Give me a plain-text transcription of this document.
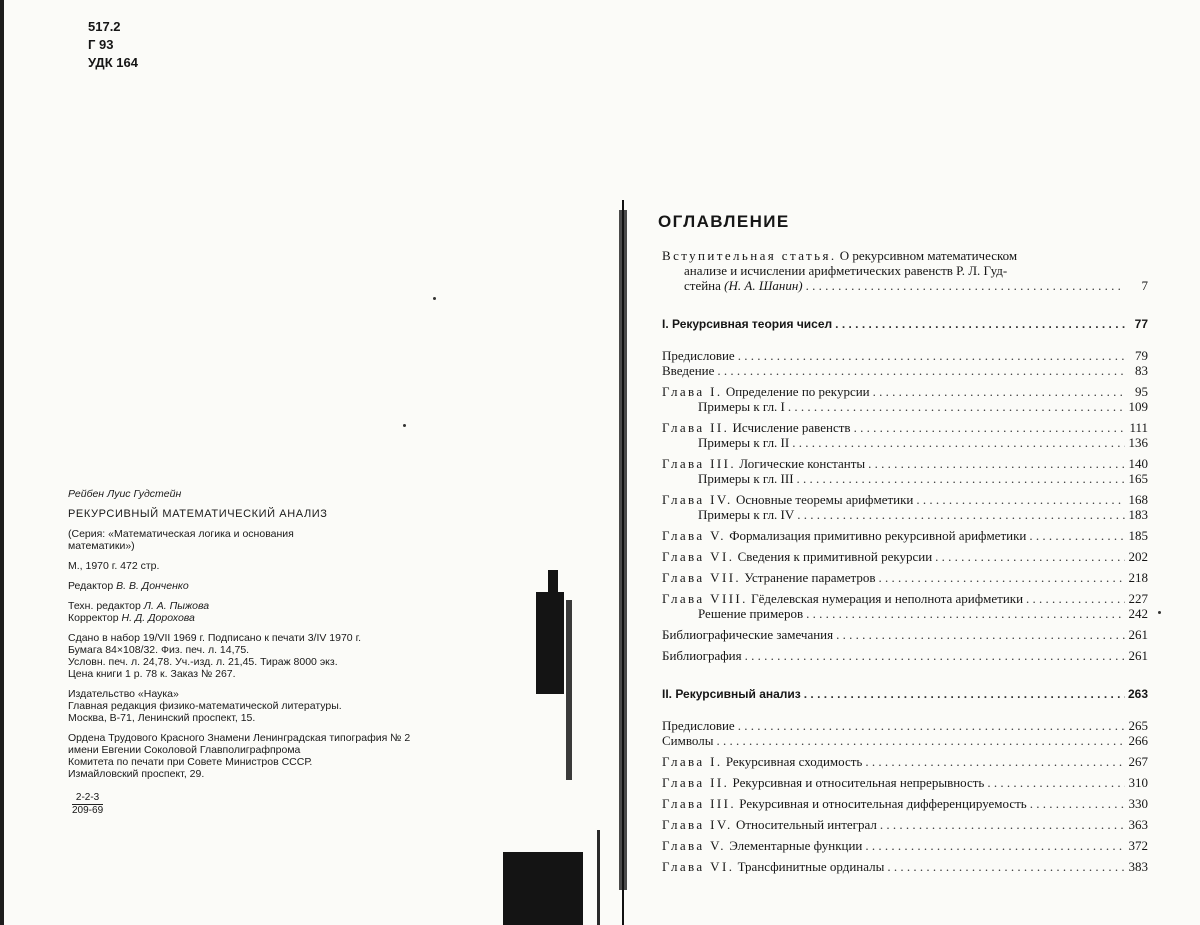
517.2
Г 93
УДК 164
Рейбен Луис Гудстейн
РЕКУРСИВНЫЙ МАТЕМАТИЧЕСКИЙ АНАЛИЗ
(Серия: «Математическая логика и основания
математики»)
М., 1970 г. 472 стр.
Редактор В. В. Донченко
Техн. редактор Л. А. Пыжова
Корректор Н. Д. Дорохова
Сдано в набор 19/VII 1969 г. Подписано к печати 3/IV 1970 г.
Бумага 84×108/32. Физ. печ. л. 14,75.
Условн. печ. л. 24,78. Уч.-изд. л. 21,45. Тираж 8000 экз.
Цена книги 1 р. 78 к. Заказ № 267.
Издательство «Наука»
Главная редакция физико-математической литературы.
Москва, В-71, Ленинский проспект, 15.
Ордена Трудового Красного Знамени Ленинградская типография № 2
имени Евгении Соколовой Главполиграфпрома
Комитета по печати при Совете Министров СССР.
Измайловский проспект, 29.
2-2-3
209-69
ОГЛАВЛЕНИЕ
Вступительная статья. О рекурсивном математическом
анализе и исчислении арифметических равенств Р. Л. Гуд-
стейна (Н. А. Шанин) . . .	7
I. Рекурсивная теория чисел . . .	77
Предисловие . . .	79
Введение . . .	83
Глава I. Определение по рекурсии . . .	95
Примеры к гл. I . . .	109
Глава II. Исчисление равенств . . .	111
Примеры к гл. II . . .	136
Глава III. Логические константы . . .	140
Примеры к гл. III . . .	165
Глава IV. Основные теоремы арифметики . . .	168
Примеры к гл. IV . . .	183
Глава V. Формализация примитивно рекурсивной арифметики . . .	185
Глава VI. Сведения к примитивной рекурсии . . .	202
Глава VII. Устранение параметров . . .	218
Глава VIII. Гёделевская нумерация и неполнота арифметики . . .	227
Решение примеров . . .	242
Библиографические замечания . . .	261
Библиография . . .	261
II. Рекурсивный анализ . . .	263
Предисловие . . .	265
Символы . . .	266
Глава I. Рекурсивная сходимость . . .	267
Глава II. Рекурсивная и относительная непрерывность . . .	310
Глава III. Рекурсивная и относительная дифференцируемость . . .	330
Глава IV. Относительный интеграл . . .	363
Глава V. Элементарные функции . . .	372
Глава VI. Трансфинитные ординалы . . .	383
